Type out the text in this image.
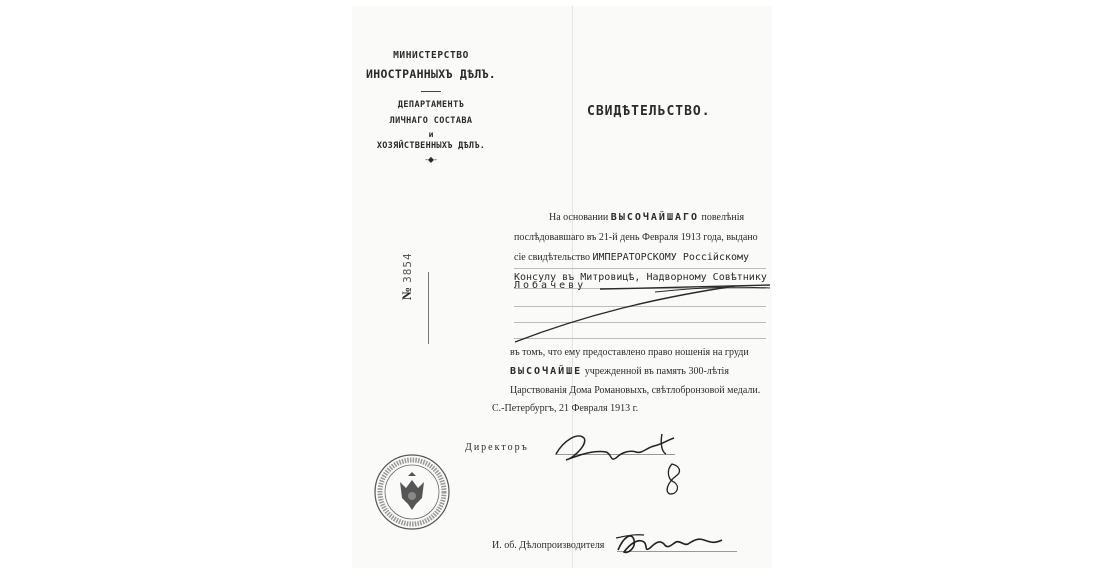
МИНИСТЕРСТВО
ИНОСТРАННЫХЪ ДѢЛЪ.
ДЕПАРТАМЕНТЪ
ЛИЧНАГО СОСТАВА
и
ХОЗЯЙСТВЕННЫХЪ ДѢЛЪ.
-◆-
№3854
СВИДѢТЕЛЬСТВО.
На основании ВЫСОЧАЙШАГО повелѣнія
послѣдовавшаго въ 21-й день Февраля 1913 года, выдано
сіе свидѣтельство ИМПЕРАТОРСКОМУ Россійскому
Консулу въ Митровицѣ, Надворному Совѣтнику
Лобачеву
въ томъ, что ему предоставлено право ношенія на груди
ВЫСОЧАЙШЕ учрежденной въ память 300-лѣтія
Царствованія Дома Романовыхъ, свѣтлобронзовой медали.
С.-Петербургъ, 21 Февраля 1913 г.
Директоръ
И. об. Дѣлопроизводителя
